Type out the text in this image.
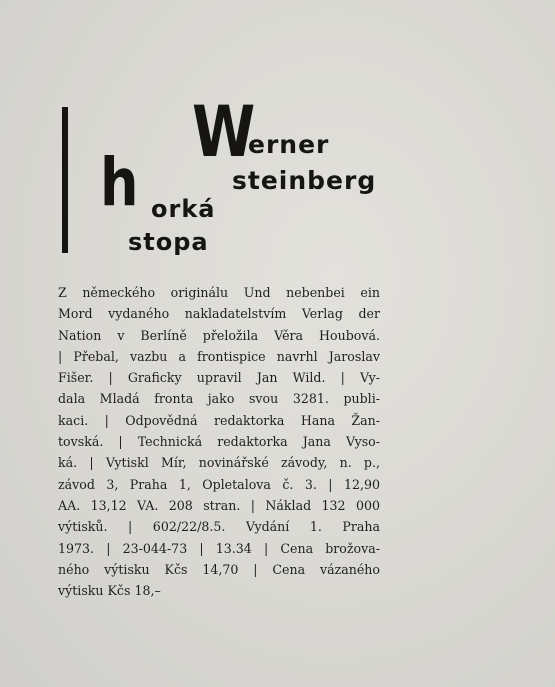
W
erner
steinberg
h orká
stopa
Z německého originálu Und nebenbei ein
Mord vydaného nakladatelstvím Verlag der
Nation v Berlíně přeložila Věra Houbová.
| Přebal, vazbu a frontispice navrhl Jaroslav
Fišer. | Graficky upravil Jan Wild. | Vy-
dala Mladá fronta jako svou 3281. publi-
kaci. | Odpovědná redaktorka Hana Žan-
tovská. | Technická redaktorka Jana Vyso-
ká. | Vytiskl Mír, novinářské závody, n. p.,
závod 3, Praha 1, Opletalova č. 3. | 12,90
AA. 13,12 VA. 208 stran. | Náklad 132 000
výtisků. | 602/22/8.5. Vydání 1. Praha
1973. | 23-044-73 | 13.34 | Cena brožova-
ného výtisku Kčs 14,70 | Cena vázaného
výtisku Kčs 18,–
